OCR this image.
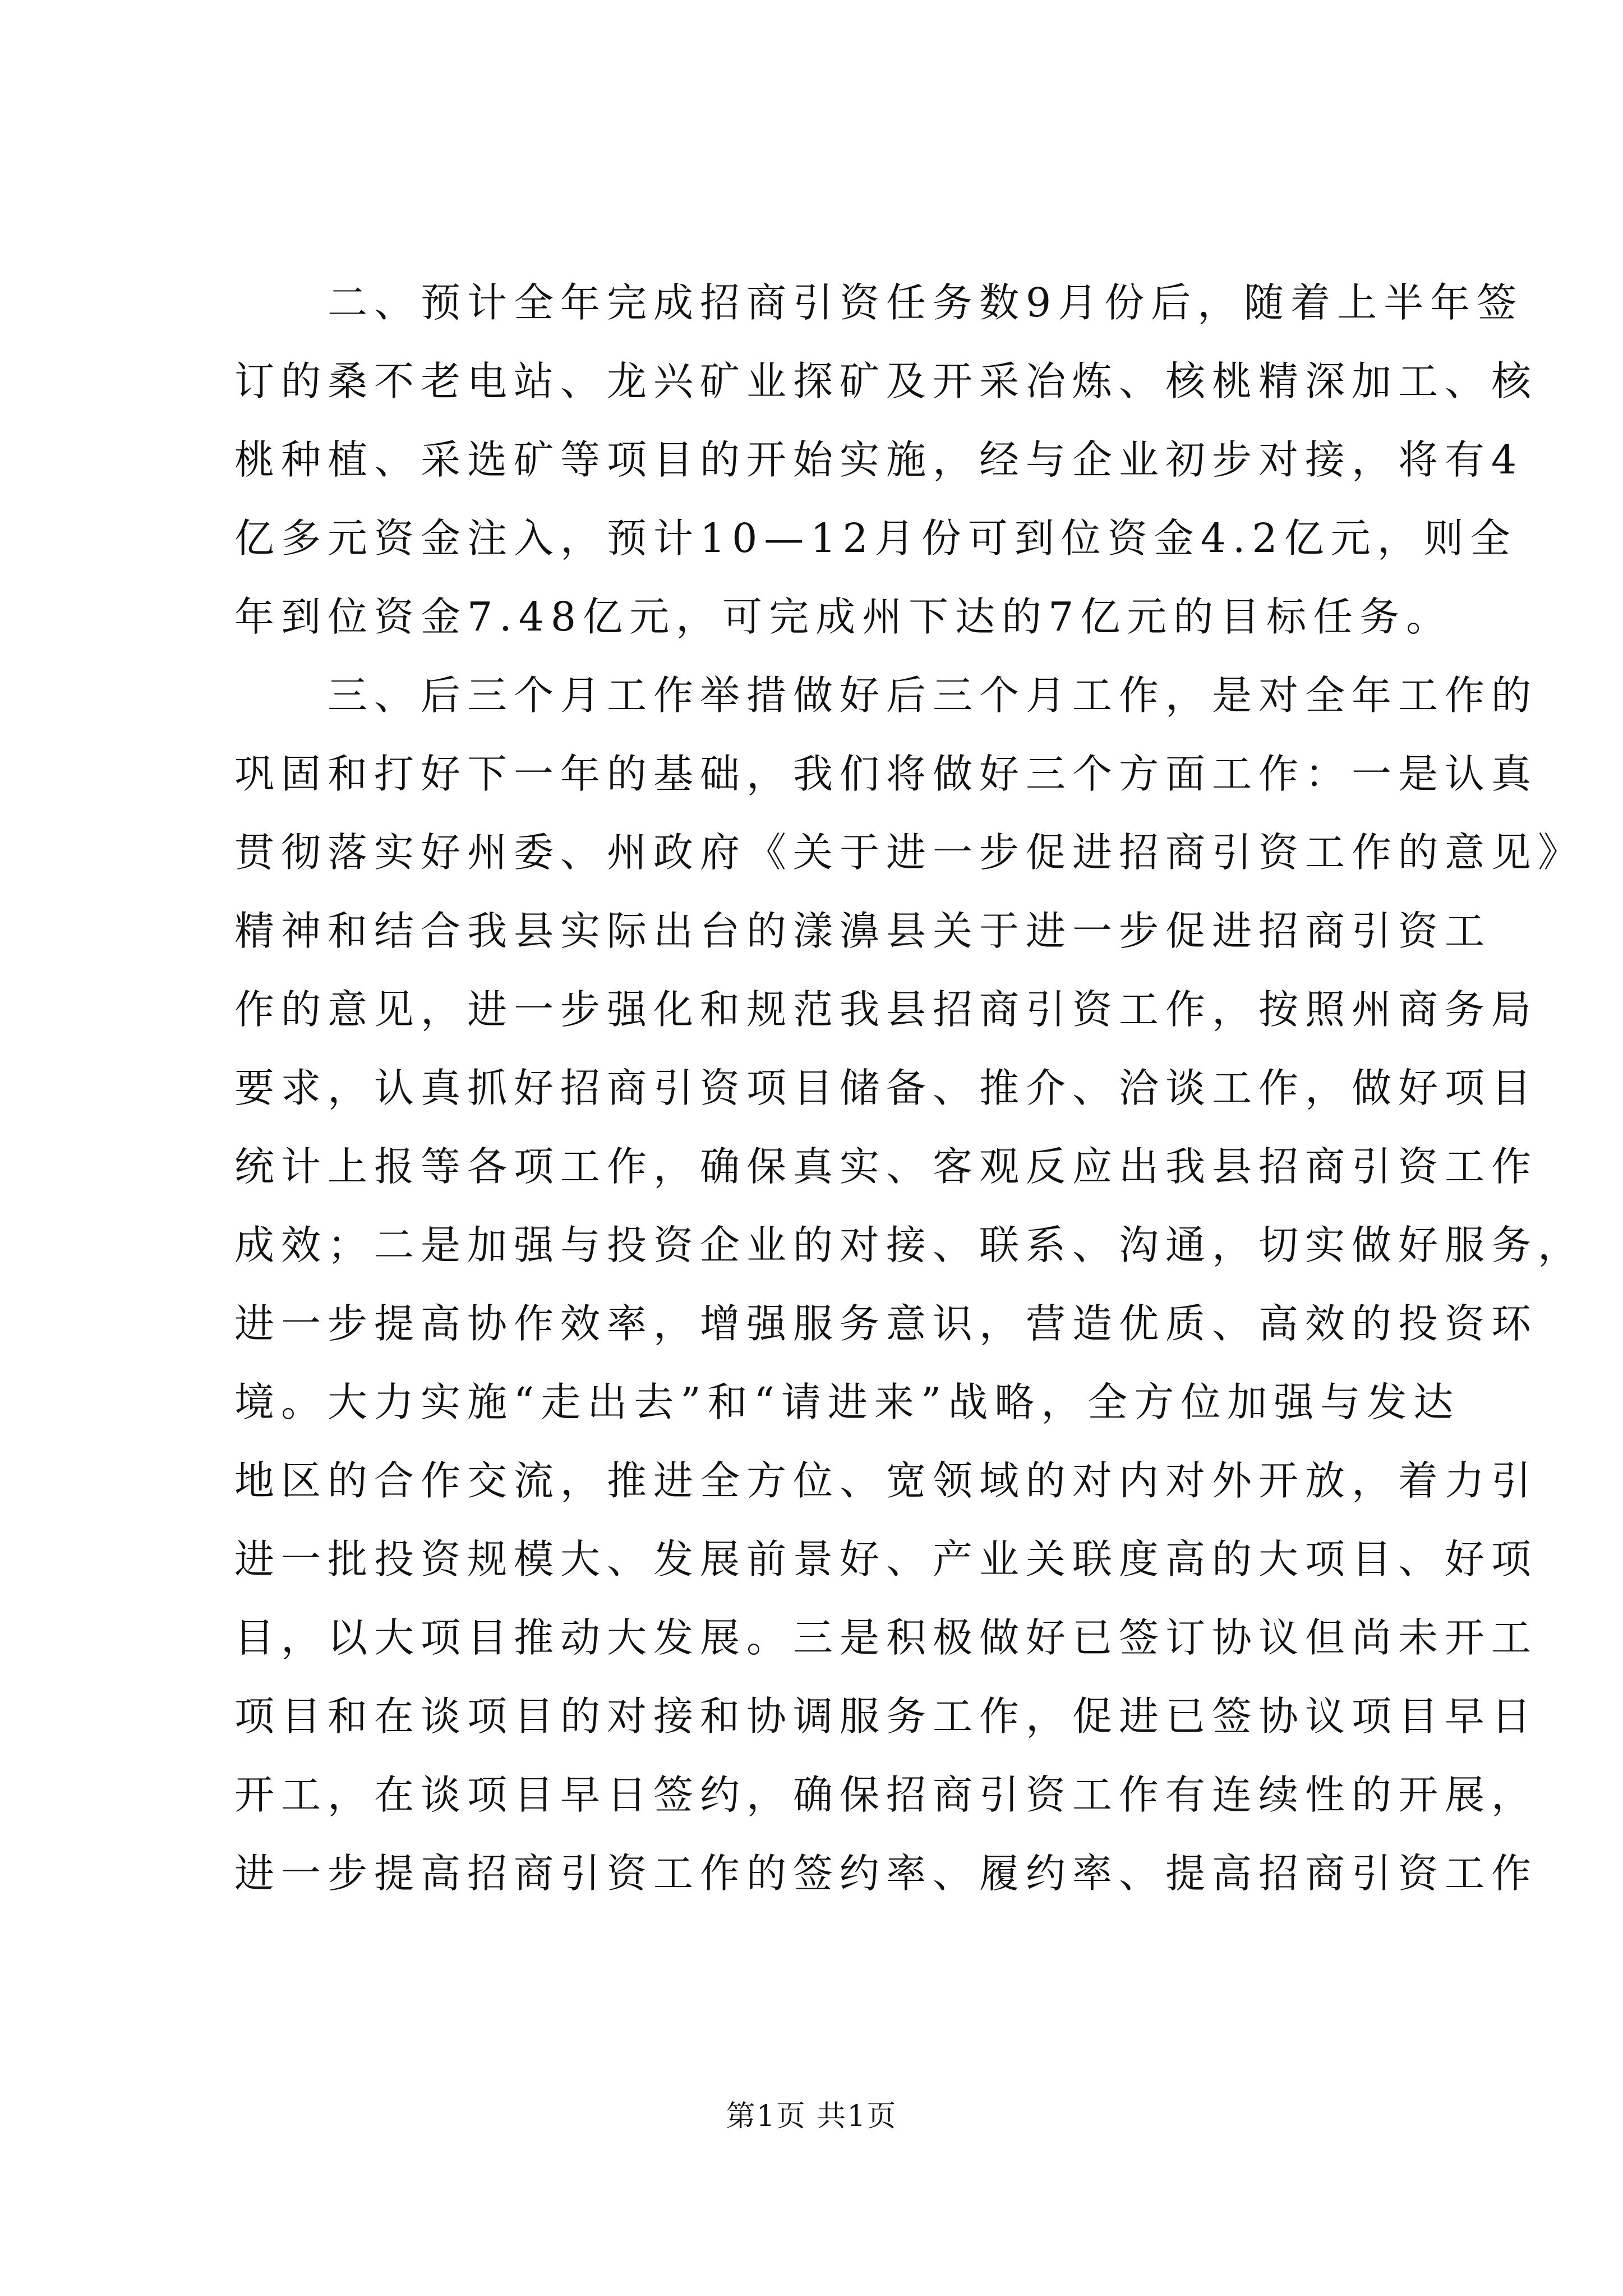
　　二、预计全年完成招商引资任务数9月份后，随着上半年签
订的桑不老电站、龙兴矿业探矿及开采冶炼、核桃精深加工、核
桃种植、采选矿等项目的开始实施，经与企业初步对接，将有4
亿多元资金注入，预计10—12月份可到位资金4.2亿元，则全
年到位资金7.48亿元，可完成州下达的7亿元的目标任务。
　　三、后三个月工作举措做好后三个月工作，是对全年工作的
巩固和打好下一年的基础，我们将做好三个方面工作：一是认真
贯彻落实好州委、州政府《关于进一步促进招商引资工作的意见》
精神和结合我县实际出台的漾濞县关于进一步促进招商引资工
作的意见，进一步强化和规范我县招商引资工作，按照州商务局
要求，认真抓好招商引资项目储备、推介、洽谈工作，做好项目
统计上报等各项工作，确保真实、客观反应出我县招商引资工作
成效；二是加强与投资企业的对接、联系、沟通，切实做好服务，
进一步提高协作效率，增强服务意识，营造优质、高效的投资环
境。大力实施“走出去”和“请进来”战略，全方位加强与发达
地区的合作交流，推进全方位、宽领域的对内对外开放，着力引
进一批投资规模大、发展前景好、产业关联度高的大项目、好项
目，以大项目推动大发展。三是积极做好已签订协议但尚未开工
项目和在谈项目的对接和协调服务工作，促进已签协议项目早日
开工，在谈项目早日签约，确保招商引资工作有连续性的开展，
进一步提高招商引资工作的签约率、履约率、提高招商引资工作
第1页 共1页
